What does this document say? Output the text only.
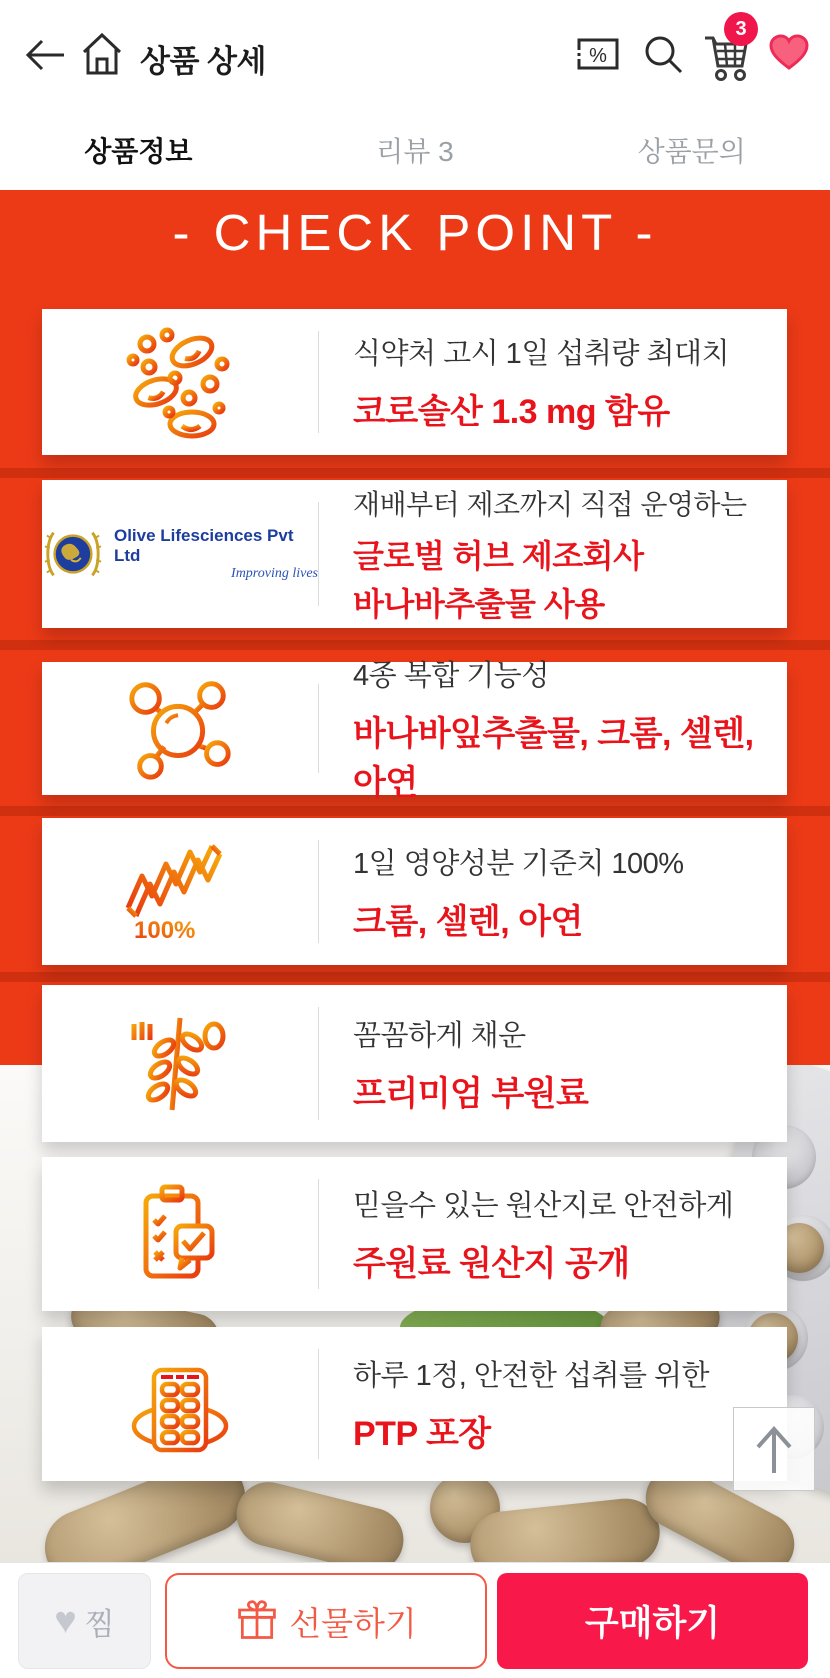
상품 상세	%
3
상품정보	리뷰 3	상품문의
- CHECK POINT -
식약처 고시 1일 섭취량 최대치
코로솔산 1.3 mg 함유
Olive Lifesciences Pvt Ltd
Improving lives
재배부터 제조까지 직접 운영하는
글로벌 허브 제조회사
바나바추출물 사용
4종 복합 기능성
바나바잎추출물, 크롬, 셀렌, 아연
100%
1일 영양성분 기준치 100%
크롬, 셀렌, 아연
꼼꼼하게 채운
프리미엄 부원료
믿을수 있는 원산지로 안전하게
주원료 원산지 공개
하루 1정, 안전한 섭취를 위한
PTP 포장
♥ 찜	선물하기	구매하기
